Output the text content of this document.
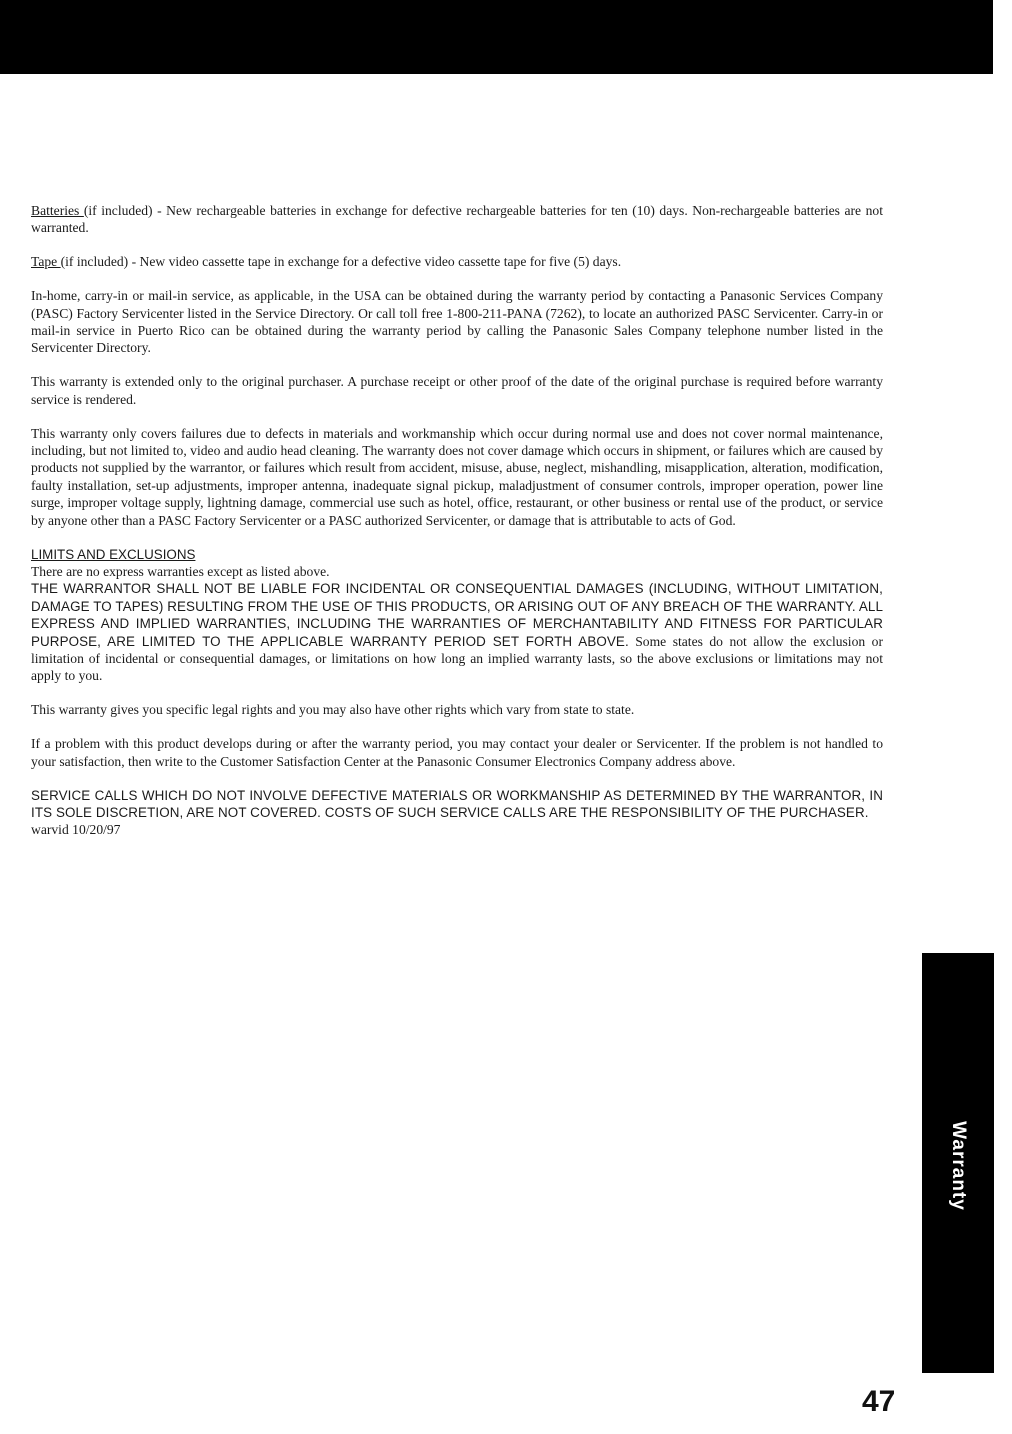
Batteries (if included) - New rechargeable batteries in exchange for defective rechargeable batteries for ten (10) days. Non-rechargeable batteries are not warranted.

Tape (if included) - New video cassette tape in exchange for a defective video cassette tape for five (5) days.

In-home, carry-in or mail-in service, as applicable, in the USA can be obtained during the warranty period by contacting a Panasonic Services Company (PASC) Factory Servicenter listed in the Service Directory. Or call toll free 1-800-211-PANA (7262), to locate an authorized PASC Servicenter. Carry-in or mail-in service in Puerto Rico can be obtained during the warranty period by calling the Panasonic Sales Company telephone number listed in the Servicenter Directory.

This warranty is extended only to the original purchaser. A purchase receipt or other proof of the date of the original purchase is required before warranty service is rendered.

This warranty only covers failures due to defects in materials and workmanship which occur during normal use and does not cover normal maintenance, including, but not limited to, video and audio head cleaning. The warranty does not cover damage which occurs in shipment, or failures which are caused by products not supplied by the warrantor, or failures which result from accident, misuse, abuse, neglect, mishandling, misapplication, alteration, modification, faulty installation, set-up adjustments, improper antenna, inadequate signal pickup, maladjustment of consumer controls, improper operation, power line surge, improper voltage supply, lightning damage, commercial use such as hotel, office, restaurant, or other business or rental use of the product, or service by anyone other than a PASC Factory Servicenter or a PASC authorized Servicenter, or damage that is attributable to acts of God.

LIMITS AND EXCLUSIONS
There are no express warranties except as listed above.
THE WARRANTOR SHALL NOT BE LIABLE FOR INCIDENTAL OR CONSEQUENTIAL DAMAGES (INCLUDING, WITHOUT LIMITATION, DAMAGE TO TAPES) RESULTING FROM THE USE OF THIS PRODUCTS, OR ARISING OUT OF ANY BREACH OF THE WARRANTY. ALL EXPRESS AND IMPLIED WARRANTIES, INCLUDING THE WARRANTIES OF MERCHANTABILITY AND FITNESS FOR PARTICULAR PURPOSE, ARE LIMITED TO THE APPLICABLE WARRANTY PERIOD SET FORTH ABOVE. Some states do not allow the exclusion or limitation of incidental or consequential damages, or limitations on how long an implied warranty lasts, so the above exclusions or limitations may not apply to you.

This warranty gives you specific legal rights and you may also have other rights which vary from state to state.

If a problem with this product develops during or after the warranty period, you may contact your dealer or Servicenter. If the problem is not handled to your satisfaction, then write to the Customer Satisfaction Center at the Panasonic Consumer Electronics Company address above.

SERVICE CALLS WHICH DO NOT INVOLVE DEFECTIVE MATERIALS OR WORKMANSHIP AS DETERMINED BY THE WARRANTOR, IN ITS SOLE DISCRETION, ARE NOT COVERED. COSTS OF SUCH SERVICE CALLS ARE THE RESPONSIBILITY OF THE PURCHASER.
warvid 10/20/97

Warranty
47
